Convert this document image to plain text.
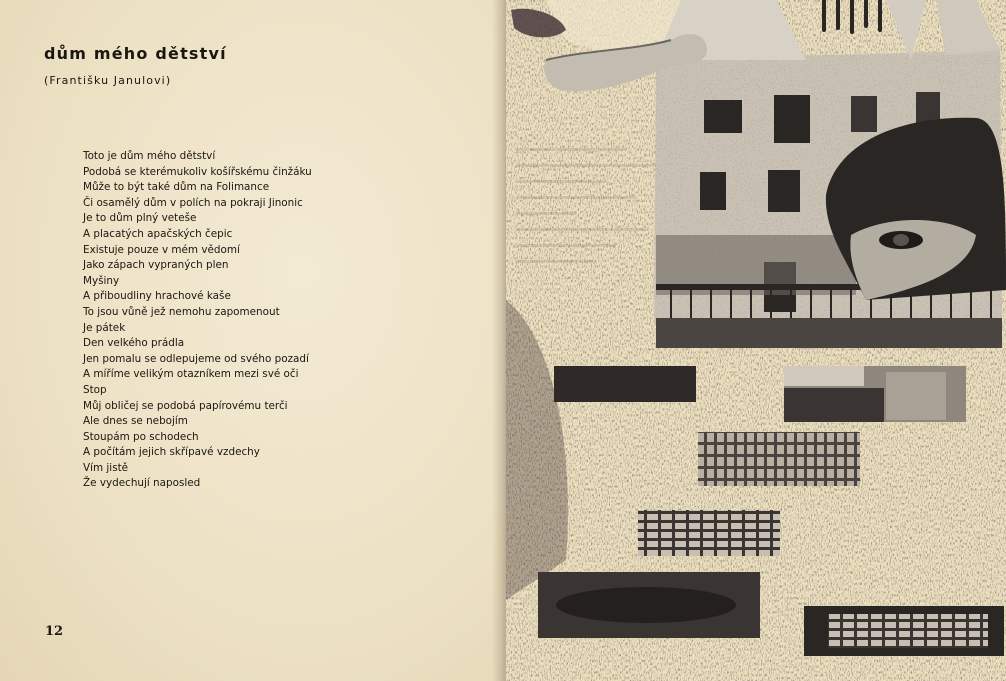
dům mého dětství

(Františku Janulovi)

Toto je dům mého dětství
Podobá se kterémukoliv košířskému činžáku
Může to být také dům na Folimance
Či osamělý dům v polích na pokraji Jinonic
Je to dům plný veteše
A placatých apačských čepic
Existuje pouze v mém vědomí
Jako zápach vypraných plen
Myšiny
A přiboudliny hrachové kaše
To jsou vůně jež nemohu zapomenout
Je pátek
Den velkého prádla
Jen pomalu se odlepujeme od svého pozadí
A míříme velikým otazníkem mezi své oči
Stop
Můj obličej se podobá papírovému terči
Ale dnes se nebojím
Stoupám po schodech
A počítám jejich skřípavé vzdechy
Vím jistě
Že vydechují naposled
12
